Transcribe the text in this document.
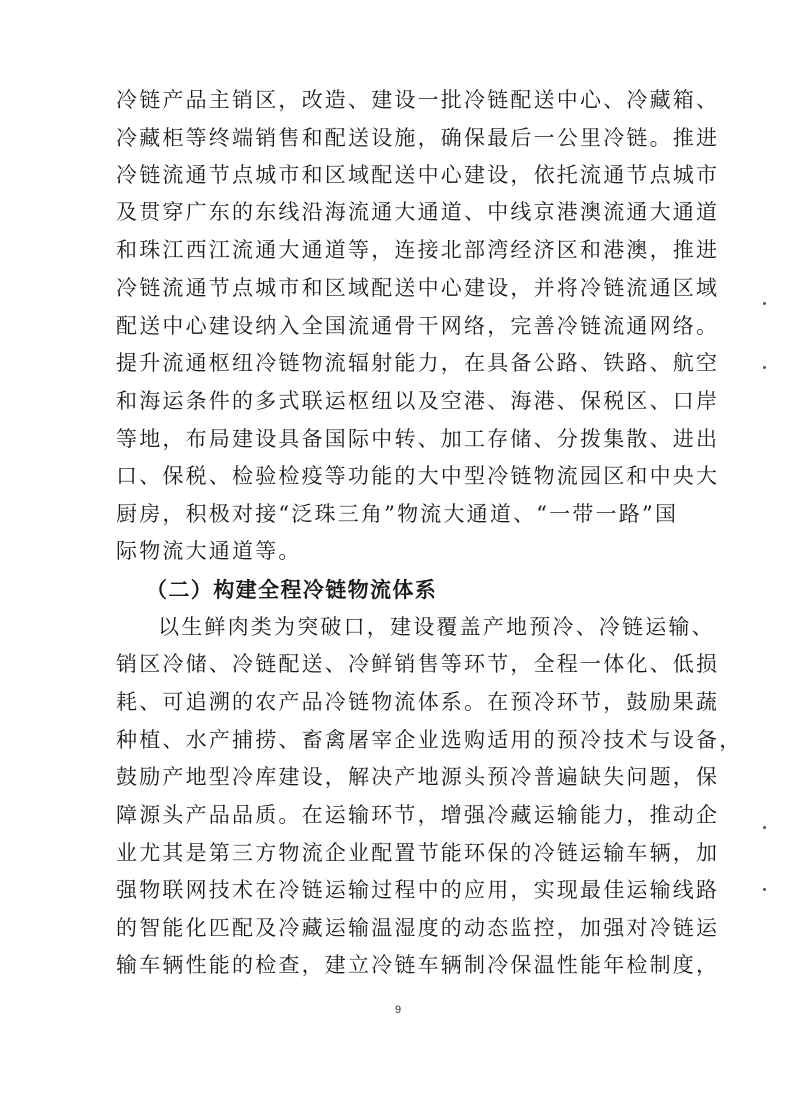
冷链产品主销区，改造、建设一批冷链配送中心、冷藏箱、
冷藏柜等终端销售和配送设施，确保最后一公里冷链。推进
冷链流通节点城市和区域配送中心建设，依托流通节点城市
及贯穿广东的东线沿海流通大通道、中线京港澳流通大通道
和珠江西江流通大通道等，连接北部湾经济区和港澳，推进
冷链流通节点城市和区域配送中心建设，并将冷链流通区域
配送中心建设纳入全国流通骨干网络，完善冷链流通网络。
提升流通枢纽冷链物流辐射能力，在具备公路、铁路、航空
和海运条件的多式联运枢纽以及空港、海港、保税区、口岸
等地，布局建设具备国际中转、加工存储、分拨集散、进出
口、保税、检验检疫等功能的大中型冷链物流园区和中央大
厨房，积极对接“泛珠三角”物流大通道、“一带一路”国
际物流大通道等。
（二）构建全程冷链物流体系
以生鲜肉类为突破口，建设覆盖产地预冷、冷链运输、
销区冷储、冷链配送、冷鲜销售等环节，全程一体化、低损
耗、可追溯的农产品冷链物流体系。在预冷环节，鼓励果蔬
种植、水产捕捞、畜禽屠宰企业选购适用的预冷技术与设备，
鼓励产地型冷库建设，解决产地源头预冷普遍缺失问题，保
障源头产品品质。在运输环节，增强冷藏运输能力，推动企
业尤其是第三方物流企业配置节能环保的冷链运输车辆，加
强物联网技术在冷链运输过程中的应用，实现最佳运输线路
的智能化匹配及冷藏运输温湿度的动态监控，加强对冷链运
输车辆性能的检查，建立冷链车辆制冷保温性能年检制度，
9
